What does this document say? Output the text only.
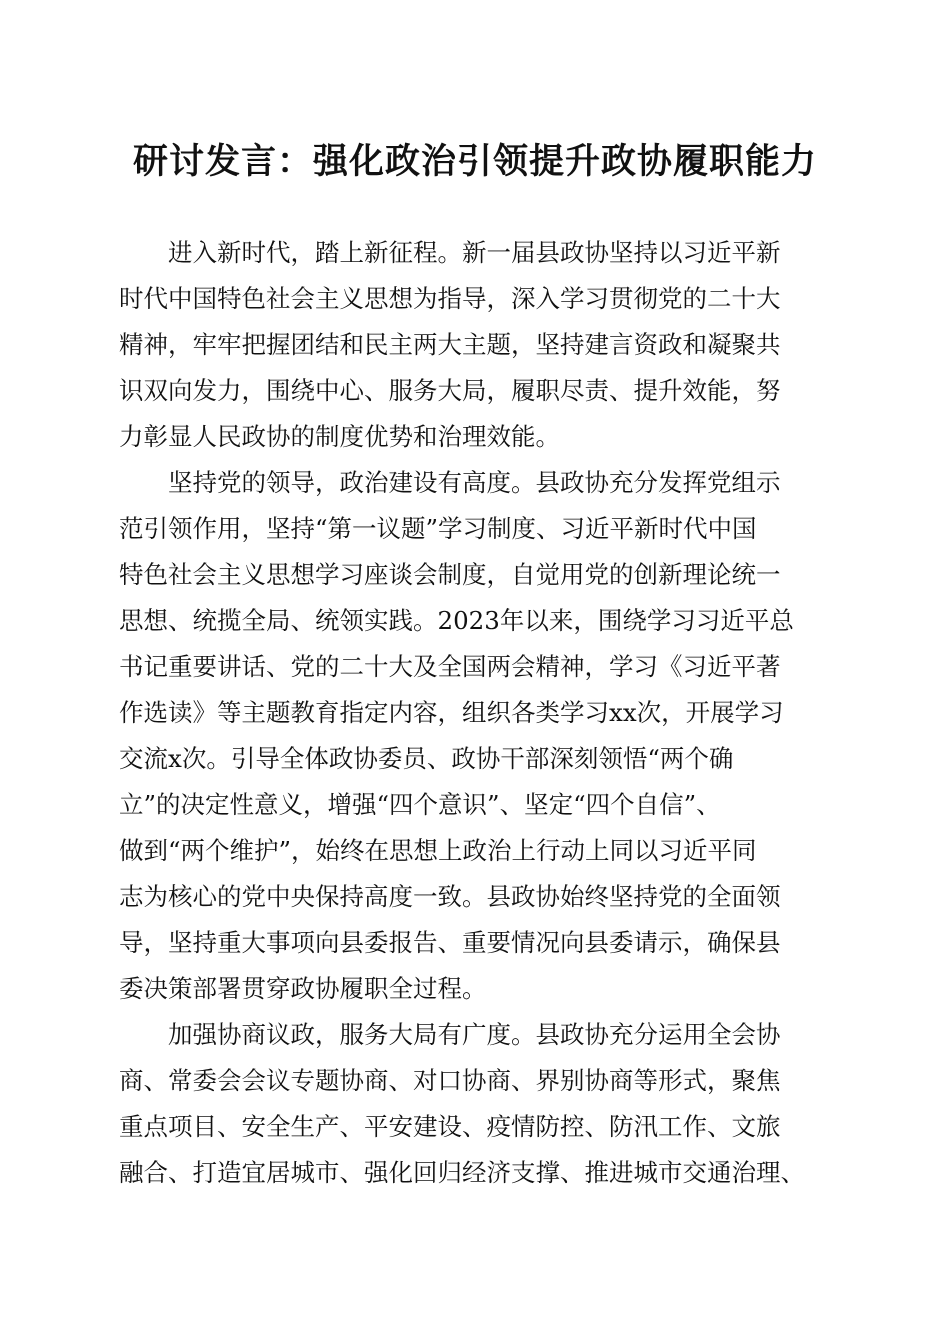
研讨发言：强化政治引领提升政协履职能力

进入新时代，踏上新征程。新一届县政协坚持以习近平新

时代中国特色社会主义思想为指导，深入学习贯彻党的二十大

精神，牢牢把握团结和民主两大主题，坚持建言资政和凝聚共

识双向发力，围绕中心、服务大局，履职尽责、提升效能，努

力彰显人民政协的制度优势和治理效能。

坚持党的领导，政治建设有高度。县政协充分发挥党组示

范引领作用，坚持“第一议题”学习制度、习近平新时代中国

特色社会主义思想学习座谈会制度，自觉用党的创新理论统一

思想、统揽全局、统领实践。2023年以来，围绕学习习近平总

书记重要讲话、党的二十大及全国两会精神，学习《习近平著

作选读》等主题教育指定内容，组织各类学习xx次，开展学习

交流x次。引导全体政协委员、政协干部深刻领悟“两个确

立”的决定性意义，增强“四个意识”、坚定“四个自信”、

做到“两个维护”，始终在思想上政治上行动上同以习近平同

志为核心的党中央保持高度一致。县政协始终坚持党的全面领

导，坚持重大事项向县委报告、重要情况向县委请示，确保县

委决策部署贯穿政协履职全过程。

加强协商议政，服务大局有广度。县政协充分运用全会协

商、常委会会议专题协商、对口协商、界别协商等形式，聚焦

重点项目、安全生产、平安建设、疫情防控、防汛工作、文旅

融合、打造宜居城市、强化回归经济支撑、推进城市交通治理、
